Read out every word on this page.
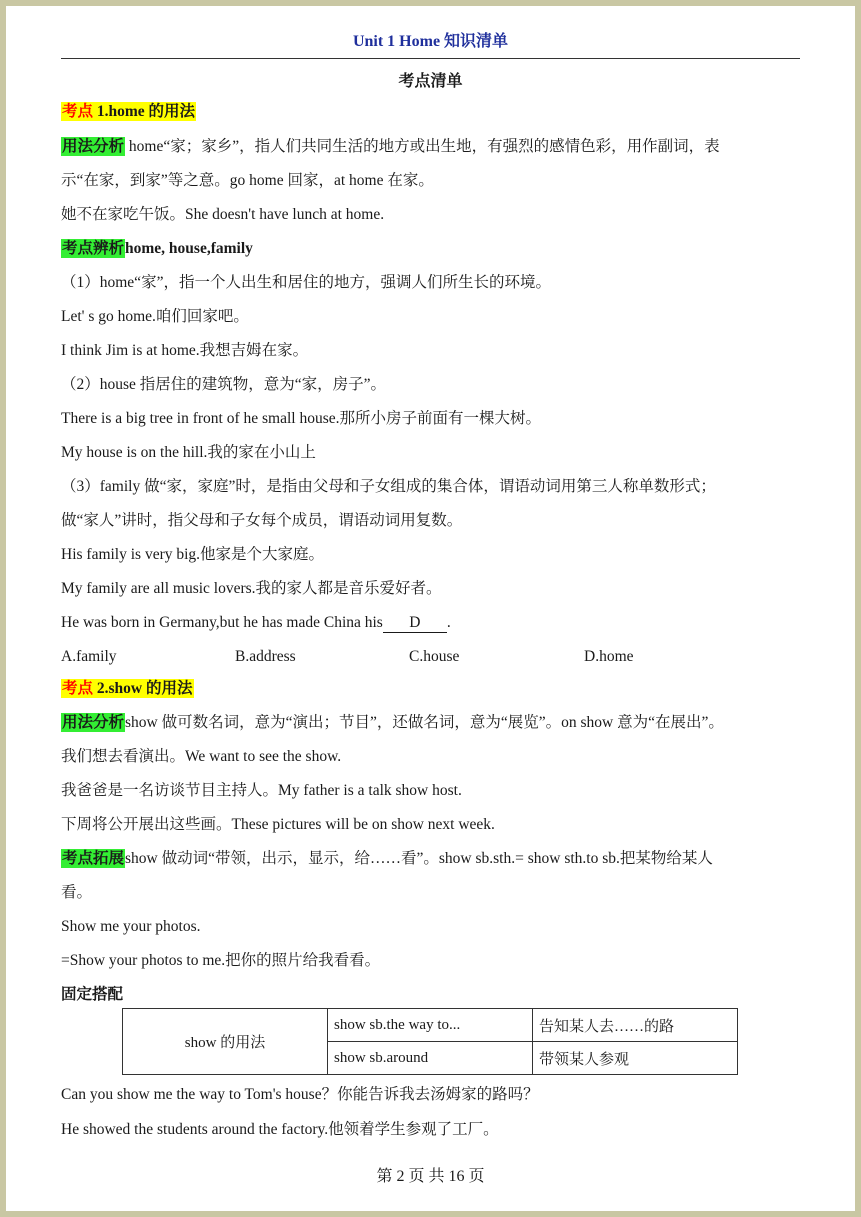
Unit 1 Home 知识清单
考点清单
考点 1.home 的用法
用法分析 home“家；家乡”，指人们共同生活的地方或出生地，有强烈的感情色彩，用作副词，表
示“在家，到家”等之意。go home 回家，at home 在家。
她不在家吃午饭。She doesn't have lunch at home.
考点辨析home, house,family
（1）home“家”，指一个人出生和居住的地方，强调人们所生长的环境。
Let' s go home.咱们回家吧。
I think Jim is at home.我想吉姆在家。
（2）house 指居住的建筑物，意为“家，房子”。
There is a big tree in front of he small house.那所小房子前面有一棵大树。
My house is on the hill.我的家在小山上
（3）family 做“家，家庭”时，是指由父母和子女组成的集合体，谓语动词用第三人称单数形式；
做“家人”讲时，指父母和子女每个成员，谓语动词用复数。
His family is very big.他家是个大家庭。
My family are all music lovers.我的家人都是音乐爱好者。
He was born in Germany,but he has made China his D .
A.family	B.address	C.house	D.home
考点 2.show 的用法
用法分析show 做可数名词，意为“演出；节目”，还做名词，意为“展览”。on show 意为“在展出”。
我们想去看演出。We want to see the show.
我爸爸是一名访谈节目主持人。My father is a talk show host.
下周将公开展出这些画。These pictures will be on show next week.
考点拓展show 做动词“带领，出示，显示，给……看”。show sb.sth.= show sth.to sb.把某物给某人
看。
Show me your photos.
=Show your photos to me.把你的照片给我看看。
固定搭配
show 的用法	show sb.the way to...	告知某人去……的路
	show sb.around	带领某人参观
Can you show me the way to Tom's house？你能告诉我去汤姆家的路吗？
He showed the students around the factory.他领着学生参观了工厂。
第 2 页 共 16 页
